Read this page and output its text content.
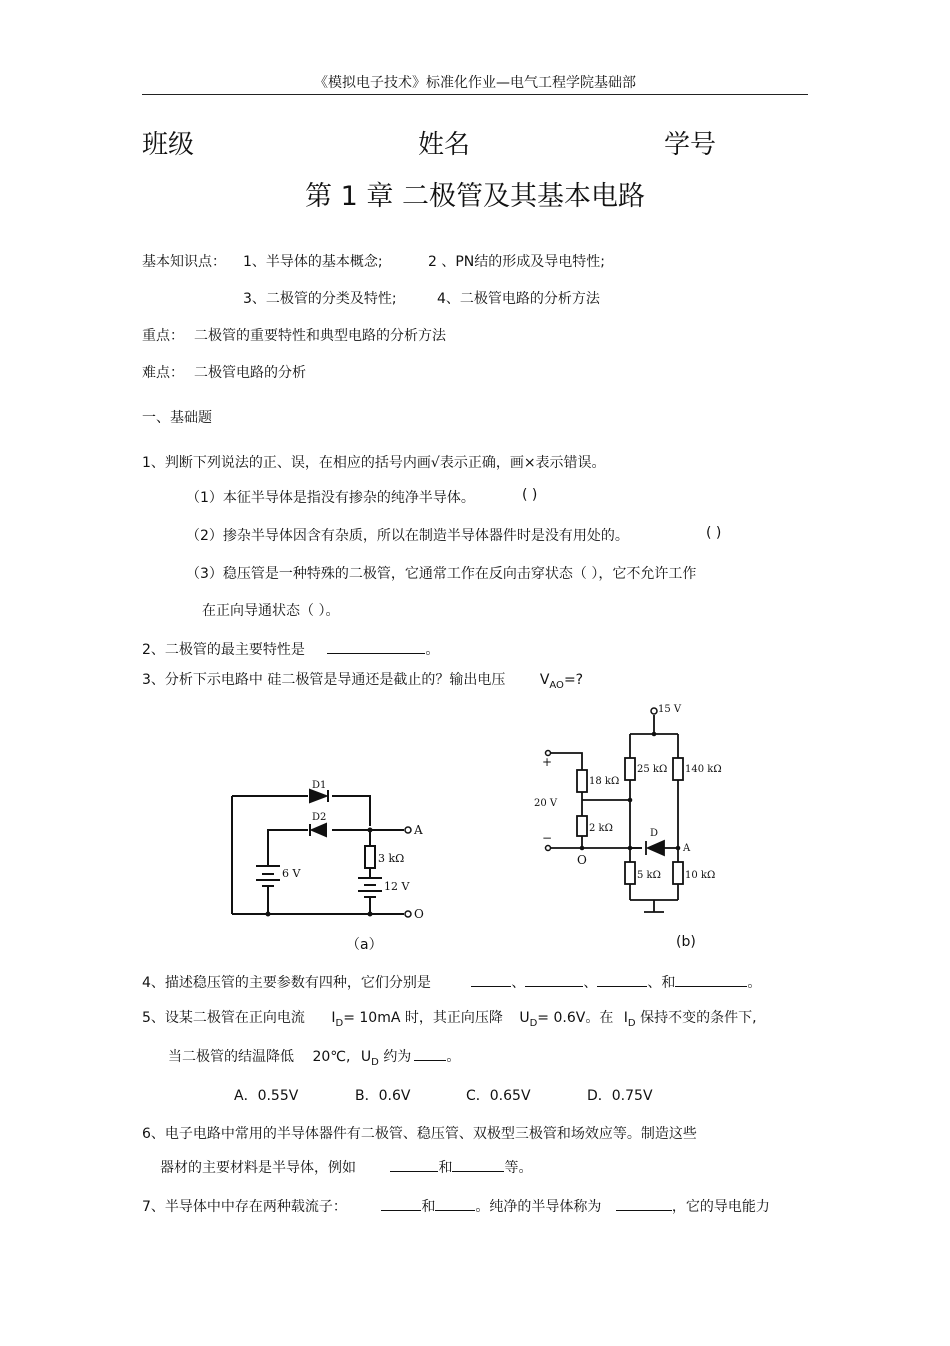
《模拟电子技术》标准化作业—电气工程学院基础部
班级	姓名	学号
第 1 章 二极管及其基本电路
基本知识点： 1、半导体的基本概念;	2 、PN结的形成及导电特性;
3、二极管的分类及特性;	4、二极管电路的分析方法
重点： 二极管的重要特性和典型电路的分析方法
难点： 二极管电路的分析
一、基础题
1、判断下列说法的正、误，在相应的括号内画√表示正确，画×表示错误。
（1）本征半导体是指没有掺杂的纯净半导体。	( )
（2）掺杂半导体因含有杂质，所以在制造半导体器件时是没有用处的。	( )
（3）稳压管是一种特殊的二极管，它通常工作在反向击穿状态（ ），它不允许工作
在正向导通状态（ ）。
2、二极管的最主要特性是	。
3、分析下示电路中 硅二极管是导通还是截止的？输出电压 $V_{AO}=$?
D1
D2
3 kΩ
6 V
12 V
A
O
（a）
15 V
+
−
18 kΩ
25 kΩ 140 kΩ
20 V
2 kΩ	D
A
O
5 kΩ 10 kΩ
(b)
4、描述稳压管的主要参数有四种，它们分别是	、	、	、和	。
5、设某二极管在正向电流 $I_D= 10mA$ 时，其正向压降 $U_D= 0.6V$。在 $I_D$ 保持不变的条件下,
当二极管的结温降低 20℃, $U_D$ 约为	。
A．0.55V	B．0.6V	C．0.65V	D．0.75V
6、电子电路中常用的半导体器件有二极管、稳压管、双极型三极管和场效应等。制造这些
器材的主要材料是半导体，例如	和	等。
7、半导体中中存在两种载流子：	和	。纯净的半导体称为	，它的导电能力
